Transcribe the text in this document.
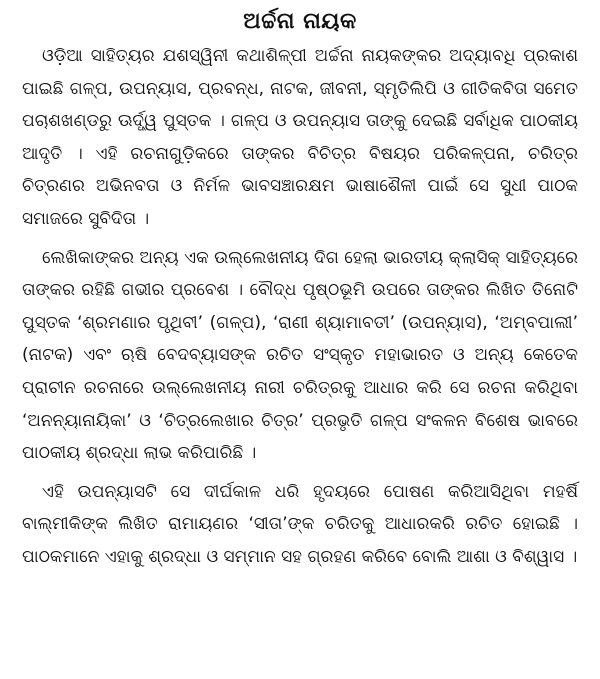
ଅର୍ଚ୍ଚନା ନାୟକ

ଓଡ଼ିଆ ସାହିତ୍ୟର ଯଶସ୍ୱିନୀ କଥାଶିଳ୍ପୀ ଅର୍ଚ୍ଚନା ନାୟକଙ୍କର ଅଦ୍ୟାବଧି ପ୍ରକାଶ ପାଇଛି ଗଳ୍ପ, ଉପନ୍ୟାସ, ପ୍ରବନ୍ଧ, ନାଟକ, ଜୀବନୀ, ସ୍ମୃତିଲିପି ଓ ଗୀତିକବିତା ସମେତ ପଚାଶଖଣ୍ଡରୁ ଊର୍ଦ୍ଧ୍ୱ ପୁସ୍ତକ । ଗଳ୍ପ ଓ ଉପନ୍ୟାସ ତାଙ୍କୁ ଦେଇଛି ସର୍ବାଧିକ ପାଠକୀୟ ଆଦୃତି । ଏହି ରଚନାଗୁଡ଼ିକରେ ତାଙ୍କର ବିଚିତ୍ର ବିଷୟର ପରିକଳ୍ପନା, ଚରିତ୍ର ଚିତ୍ରଣର ଅଭିନବତା ଓ ନିର୍ମଳ ଭାବସଞ୍ଚାରକ୍ଷମ ଭାଷାଶୈଳୀ ପାଇଁ ସେ ସୁଧୀ ପାଠକ ସମାଜରେ ସୁବିଦିତା ।

ଲେଖିକାଙ୍କର ଅନ୍ୟ ଏକ ଉଲ୍ଲେଖନୀୟ ଦିଗ ହେଲା ଭାରତୀୟ କ୍ଲାସିକ୍ ସାହିତ୍ୟରେ ତାଙ୍କର ରହିଛି ଗଭୀର ପ୍ରବେଶ । ବୌଦ୍ଧ ପୃଷ୍ଠଭୂମି ଉପରେ ତାଙ୍କର ଲିଖିତ ତିନୋଟି ପୁସ୍ତକ ‘ଶ୍ରମଣାର ପୃଥିବୀ’ (ଗଳ୍ପ), ‘ରାଣୀ ଶ୍ୟାମାବତୀ’ (ଉପନ୍ୟାସ), ‘ଅମ୍ବପାଲୀ’ (ନାଟକ) ଏବଂ ଋଷି ବେଦବ୍ୟାସଙ୍କ ରଚିତ ସଂସ୍କୃତ ମହାଭାରତ ଓ ଅନ୍ୟ କେତେକ ପ୍ରାଚୀନ ରଚନାରେ ଉଲ୍ଲେଖନୀୟ ନାରୀ ଚରିତ୍ରକୁ ଆଧାର କରି ସେ ରଚନା କରିଥିବା ‘ଅନନ୍ୟାନାୟିକା’ ଓ ‘ଚିତ୍ରଲେଖାର ଚିତ୍ର’ ପ୍ରଭୃତି ଗଳ୍ପ ସଂକଳନ ବିଶେଷ ଭାବରେ ପାଠକୀୟ ଶ୍ରଦ୍ଧା ଲାଭ କରିପାରିଛି ।

ଏହି ଉପନ୍ୟାସଟି ସେ ଦୀର୍ଘକାଳ ଧରି ହୃଦୟରେ ପୋଷଣ କରିଆସିଥିବା ମହର୍ଷି ବାଲ୍ମୀକିଙ୍କ ଲିଖିତ ରାମାୟଣର ‘ସୀତା’ଙ୍କ ଚରିତକୁ ଆଧାରକରି ରଚିତ ହୋଇଛି । ପାଠକମାନେ ଏହାକୁ ଶ୍ରଦ୍ଧା ଓ ସମ୍ମାନ ସହ ଗ୍ରହଣ କରିବେ ବୋଲି ଆଶା ଓ ବିଶ୍ୱାସ ।
